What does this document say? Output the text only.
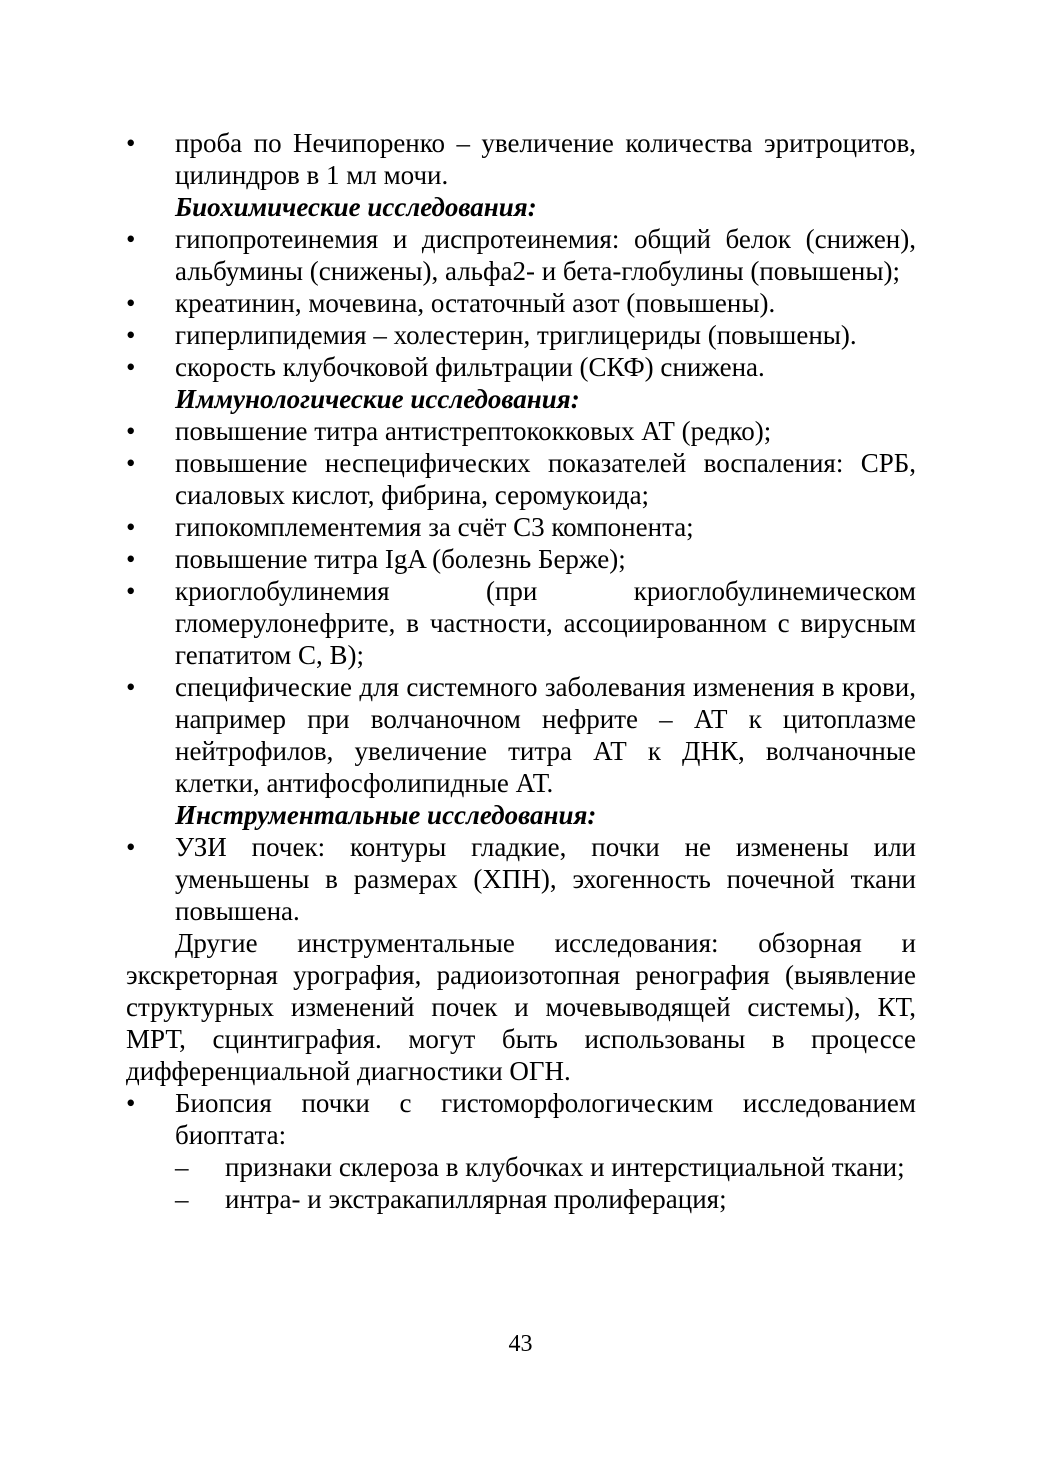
• проба по Нечипоренко – увеличение количества эритроцитов, цилиндров в 1 мл мочи.
Биохимические исследования:
• гипопротеинемия и диспротеинемия: общий белок (снижен), альбумины (снижены), альфа2- и бета-глобулины (повышены);
• креатинин, мочевина, остаточный азот (повышены).
• гиперлипидемия – холестерин, триглицериды (повышены).
• скорость клубочковой фильтрации (СКФ) снижена.
Иммунологические исследования:
• повышение титра антистрептококковых АТ (редко);
• повышение неспецифических показателей воспаления: СРБ, сиаловых кислот, фибрина, серомукоида;
• гипокомплементемия за счёт С3 компонента;
• повышение титра IgA (болезнь Берже);
• криоглобулинемия (при криоглобулинемическом гломерулонефрите, в частности, ассоциированном с вирусным гепатитом С, В);
• специфические для системного заболевания изменения в крови, например при волчаночном нефрите – АТ к цитоплазме нейтрофилов, увеличение титра АТ к ДНК, волчаночные клетки, антифосфолипидные АТ.
Инструментальные исследования:
• УЗИ почек: контуры гладкие, почки не изменены или уменьшены в размерах (ХПН), эхогенность почечной ткани повышена.
Другие инструментальные исследования: обзорная и экскреторная урография, радиоизотопная ренография (выявление структурных изменений почек и мочевыводящей системы), КТ, МРТ, сцинтиграфия. могут быть использованы в процессе дифференциальной диагностики ОГН.
• Биопсия почки с гистоморфологическим исследованием биоптата:
– признаки склероза в клубочках и интерстициальной ткани;
– интра- и экстракапиллярная пролиферация;
43
